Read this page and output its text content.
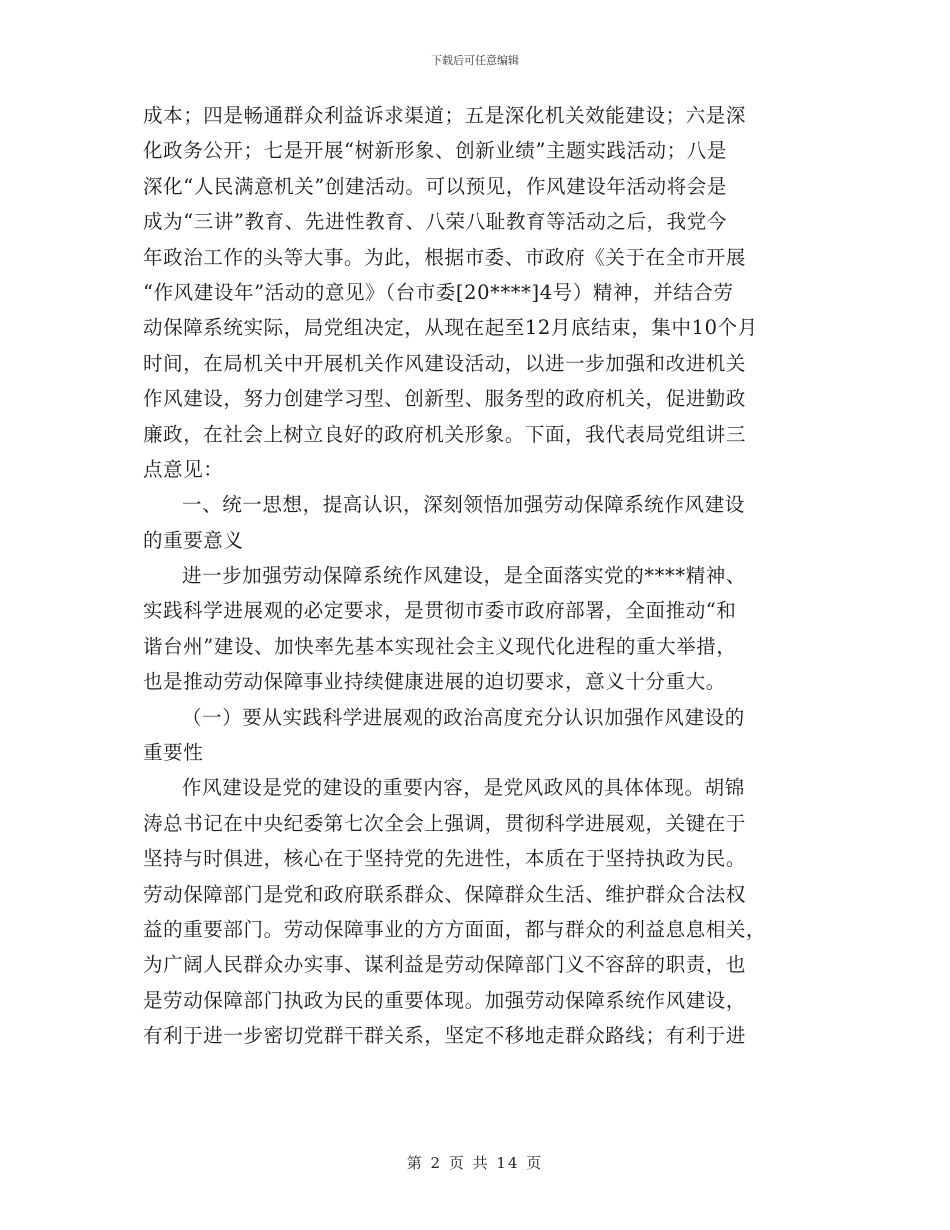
下载后可任意编辑
成本；四是畅通群众利益诉求渠道；五是深化机关效能建设；六是深
化政务公开；七是开展“树新形象、创新业绩”主题实践活动；八是
深化“人民满意机关”创建活动。可以预见，作风建设年活动将会是
成为“三讲”教育、先进性教育、八荣八耻教育等活动之后，我党今
年政治工作的头等大事。为此，根据市委、市政府《关于在全市开展
“作风建设年”活动的意见》（台市委[20****]4号）精神，并结合劳
动保障系统实际，局党组决定，从现在起至12月底结束，集中10个月
时间，在局机关中开展机关作风建设活动，以进一步加强和改进机关
作风建设，努力创建学习型、创新型、服务型的政府机关，促进勤政
廉政，在社会上树立良好的政府机关形象。下面，我代表局党组讲三
点意见：
一、统一思想，提高认识，深刻领悟加强劳动保障系统作风建设
的重要意义
进一步加强劳动保障系统作风建设，是全面落实党的****精神、
实践科学进展观的必定要求，是贯彻市委市政府部署，全面推动“和
谐台州”建设、加快率先基本实现社会主义现代化进程的重大举措，
也是推动劳动保障事业持续健康进展的迫切要求，意义十分重大。
（一）要从实践科学进展观的政治高度充分认识加强作风建设的
重要性
作风建设是党的建设的重要内容，是党风政风的具体体现。胡锦
涛总书记在中央纪委第七次全会上强调，贯彻科学进展观，关键在于
坚持与时俱进，核心在于坚持党的先进性，本质在于坚持执政为民。
劳动保障部门是党和政府联系群众、保障群众生活、维护群众合法权
益的重要部门。劳动保障事业的方方面面，都与群众的利益息息相关，
为广阔人民群众办实事、谋利益是劳动保障部门义不容辞的职责，也
是劳动保障部门执政为民的重要体现。加强劳动保障系统作风建设，
有利于进一步密切党群干群关系，坚定不移地走群众路线；有利于进
第 2 页 共 14 页
